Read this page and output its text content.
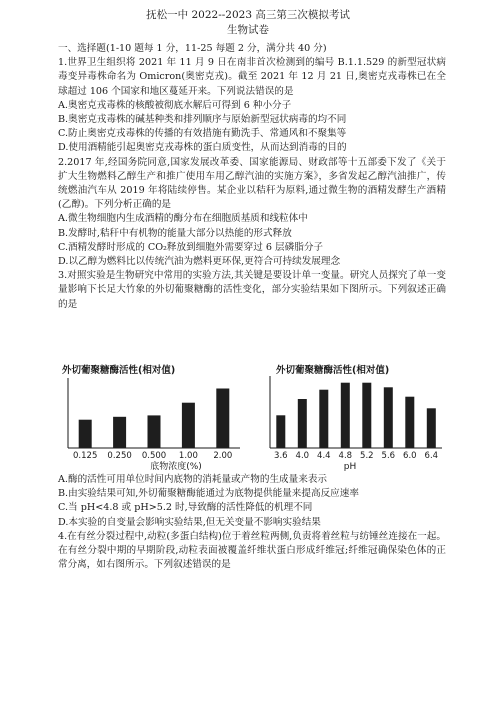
抚松一中 2022--2023 高三第三次模拟考试
生物试卷

一、选择题(1-10 题每 1 分，11-25 每题 2 分，满分共 40 分)

1.世界卫生组织将 2021 年 11 月 9 日在南非首次检测到的编号 B.1.1.529 的新型冠状病毒变异毒株命名为 Omicron(奥密克戎)。截至 2021 年 12 月 21 日,奥密克戎毒株已在全球超过 106 个国家和地区蔓延开来。下列说法错误的是

A.奥密克戎毒株的核酸被彻底水解后可得到 6 种小分子

B.奥密克戎毒株的碱基种类和排列顺序与原始新型冠状病毒的均不同

C.防止奥密克戎毒株的传播的有效措施有勤洗手、常通风和不聚集等

D.使用酒精能引起奥密克戎毒株的蛋白质变性，从而达到消毒的目的

2.2017 年,经国务院同意,国家发展改革委、国家能源局、财政部等十五部委下发了《关于扩大生物燃料乙醇生产和推广使用车用乙醇汽油的实施方案》，多省发起乙醇汽油推广，传统燃油汽车从 2019 年将陆续停售。某企业以秸秆为原料,通过微生物的酒精发酵生产酒精(乙醇)。下列分析正确的是

A.微生物细胞内生成酒精的酶分布在细胞质基质和线粒体中

B.发酵时,秸秆中有机物的能量大部分以热能的形式释放

C.酒精发酵时形成的 CO₂释放到细胞外需要穿过 6 层磷脂分子

D.以乙醇为燃料比以传统汽油为燃料更环保,更符合可持续发展理念

3.对照实验是生物研究中常用的实验方法,其关键是要设计单一变量。研究人员探究了单一变量影响下长足大竹象的外切葡聚糖酶的活性变化，部分实验结果如下图所示。下列叙述正确的是

外切葡聚糖酶活性(相对值)
底物浓度(%)
0.125 0.250 0.500 1.00 2.00
外切葡聚糖酶活性(相对值)
pH
3.6 4.0 4.4 4.8 5.2 5.6 6.0 6.4

A.酶的活性可用单位时间内底物的消耗量或产物的生成量来表示

B.由实验结果可知,外切葡聚糖酶能通过为底物提供能量来提高反应速率

C.当 pH<4.8 或 pH>5.2 时,导致酶的活性降低的机理不同

D.本实验的自变量会影响实验结果,但无关变量不影响实验结果

4.在有丝分裂过程中,动粒(多蛋白结构)位于着丝粒两侧,负责将着丝粒与纺锤丝连接在一起。在有丝分裂中期的早期阶段,动粒表面被覆盖纤维状蛋白形成纤维冠;纤维冠确保染色体的正常分离，如右图所示。下列叙述错误的是
